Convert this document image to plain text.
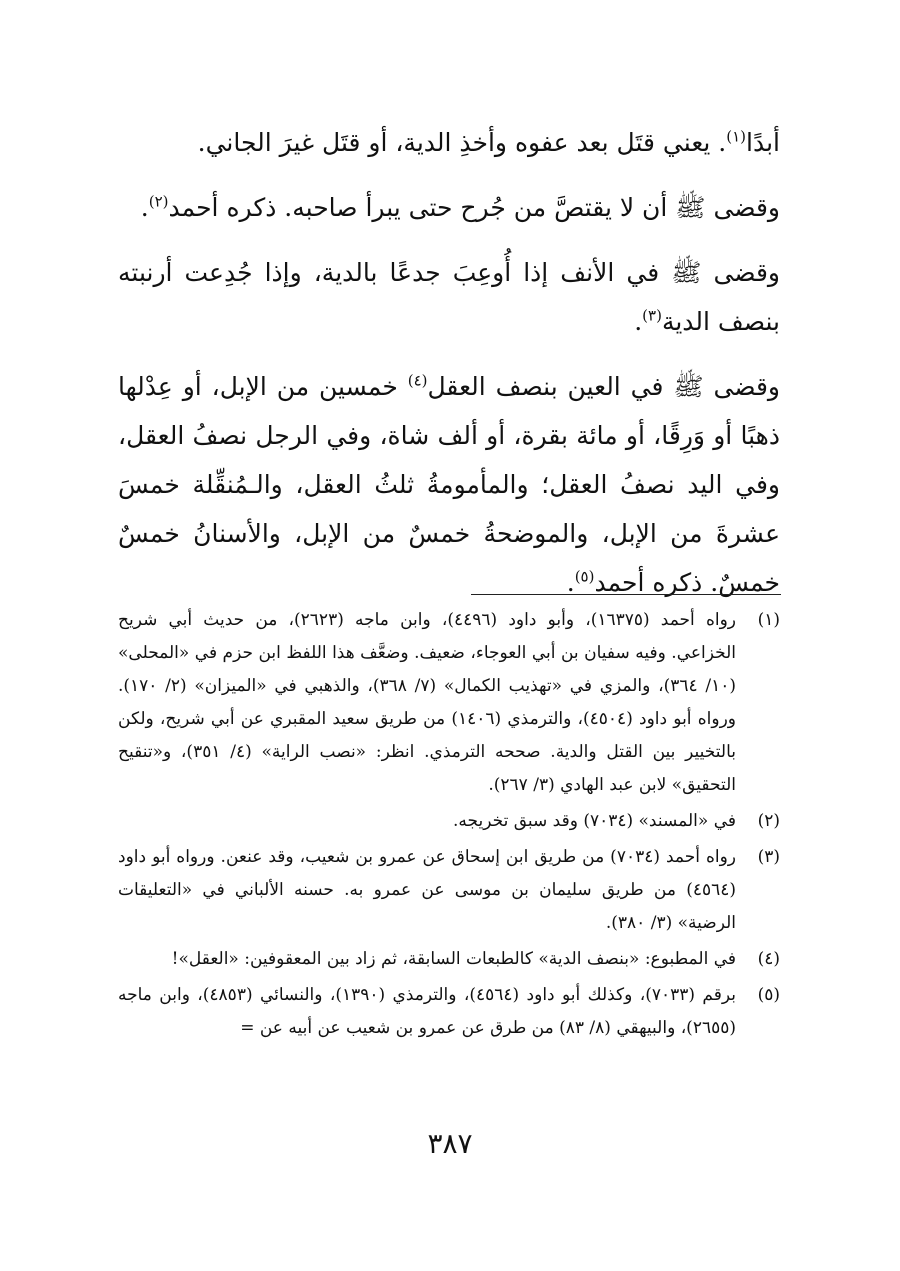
أبدًا$^{(١)}$. يعني قتَل بعد عفوه وأخذِ الدية، أو قتَل غيرَ الجاني.

وقضى ﷺ أن لا يقتصَّ من جُرح حتى يبرأ صاحبه. ذكره أحمد$^{(٢)}$.

وقضى ﷺ في الأنف إذا أُوعِبَ جدعًا بالدية، وإذا جُدِعت أرنبته بنصف الدية$^{(٣)}$.

وقضى ﷺ في العين بنصف العقل$^{(٤)}$ خمسين من الإبل، أو عِدْلها ذهبًا أو وَرِقًا، أو مائة بقرة، أو ألف شاة، وفي الرجل نصفُ العقل، وفي اليد نصفُ العقل؛ والمأمومةُ ثلثُ العقل، والـمُنقِّلة خمسَ عشرةَ من الإبل، والموضحةُ خمسٌ من الإبل، والأسنانُ خمسٌ خمسٌ. ذكره أحمد$^{(٥)}$.

(١)
رواه أحمد (١٦٣٧٥)، وأبو داود (٤٤٩٦)، وابن ماجه (٢٦٢٣)، من حديث أبي شريح الخزاعي. وفيه سفيان بن أبي العوجاء، ضعيف. وضعَّف هذا اللفظ ابن حزم في «المحلى» (١٠/ ٣٦٤)، والمزي في «تهذيب الكمال» (٧/ ٣٦٨)، والذهبي في «الميزان» (٢/ ١٧٠). ورواه أبو داود (٤٥٠٤)، والترمذي (١٤٠٦) من طريق سعيد المقبري عن أبي شريح، ولكن بالتخيير بين القتل والدية. صححه الترمذي. انظر: «نصب الراية» (٤/ ٣٥١)، و«تنقيح التحقيق» لابن عبد الهادي (٣/ ٢٦٧).
(٢)
في «المسند» (٧٠٣٤) وقد سبق تخريجه.
(٣)
رواه أحمد (٧٠٣٤) من طريق ابن إسحاق عن عمرو بن شعيب، وقد عنعن. ورواه أبو داود (٤٥٦٤) من طريق سليمان بن موسى عن عمرو به. حسنه الألباني في «التعليقات الرضية» (٣/ ٣٨٠).
(٤)
في المطبوع: «بنصف الدية» كالطبعات السابقة، ثم زاد بين المعقوفين: «العقل»!
(٥)
برقم (٧٠٣٣)، وكذلك أبو داود (٤٥٦٤)، والترمذي (١٣٩٠)، والنسائي (٤٨٥٣)، وابن ماجه (٢٦٥٥)، والبيهقي (٨/ ٨٣) من طرق عن عمرو بن شعيب عن أبيه عن =
٣٨٧
